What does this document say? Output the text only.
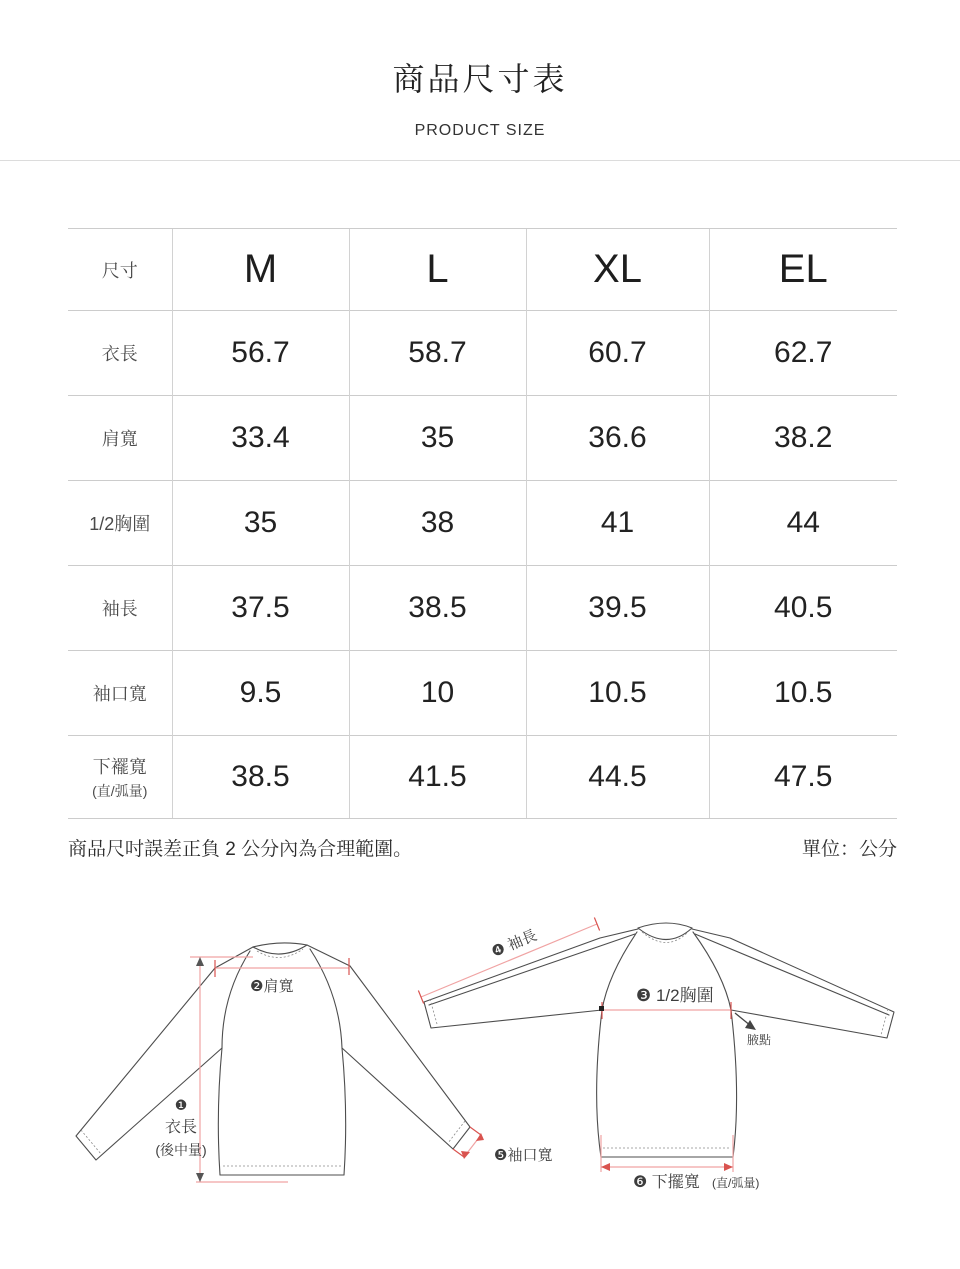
商品尺寸表
PRODUCT SIZE
尺寸	M	L	XL	EL
衣長	56.7	58.7	60.7	62.7
肩寬	33.4	35	36.6	38.2
1/2胸圍	35	38	41	44
袖長	37.5	38.5	39.5	40.5
袖口寬	9.5	10	10.5	10.5

下襬寬
(直/弧量)	38.5	41.5	44.5	47.5
商品尺吋誤差正負 2 公分內為合理範圍。	單位：公分
❷肩寬
❶
衣長
(後中量)	❺袖口寬
❸ 1/2胸圍
腋點
❹ 袖長
❻ 下擺寬 (直/弧量)
